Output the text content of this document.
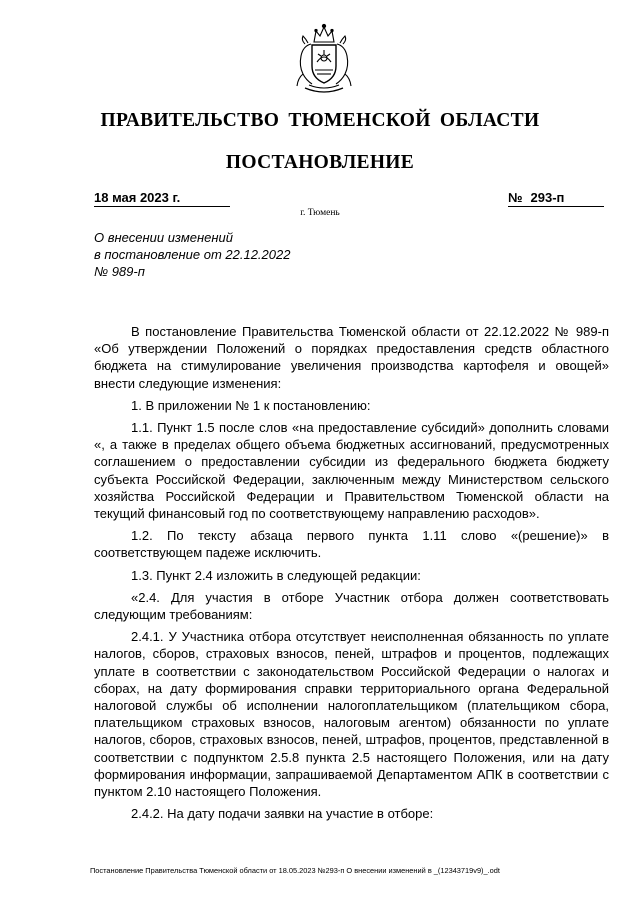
ПРАВИТЕЛЬСТВО ТЮМЕНСКОЙ ОБЛАСТИ
ПОСТАНОВЛЕНИЕ
18 мая 2023 г.	№ 293-п
г. Тюмень
О внесении изменений
в постановление от 22.12.2022
№ 989-п

В постановление Правительства Тюменской области от 22.12.2022 № 989-п «Об утверждении Положений о порядках предоставления средств областного бюджета на стимулирование увеличения производства картофеля и овощей» внести следующие изменения:

1. В приложении № 1 к постановлению:

1.1. Пункт 1.5 после слов «на предоставление субсидий» дополнить словами «, а также в пределах общего объема бюджетных ассигнований, предусмотренных соглашением о предоставлении субсидии из федерального бюджета бюджету субъекта Российской Федерации, заключенным между Министерством сельского хозяйства Российской Федерации и Правительством Тюменской области на текущий финансовый год по соответствующему направлению расходов».

1.2. По тексту абзаца первого пункта 1.11 слово «(решение)» в соответствующем падеже исключить.

1.3. Пункт 2.4 изложить в следующей редакции:

«2.4. Для участия в отборе Участник отбора должен соответствовать следующим требованиям:

2.4.1. У Участника отбора отсутствует неисполненная обязанность по уплате налогов, сборов, страховых взносов, пеней, штрафов и процентов, подлежащих уплате в соответствии с законодательством Российской Федерации о налогах и сборах, на дату формирования справки территориального органа Федеральной налоговой службы об исполнении налогоплательщиком (плательщиком сбора, плательщиком страховых взносов, налоговым агентом) обязанности по уплате налогов, сборов, страховых взносов, пеней, штрафов, процентов, представленной в соответствии с подпунктом 2.5.8 пункта 2.5 настоящего Положения, или на дату формирования информации, запрашиваемой Департаментом АПК в соответствии с пунктом 2.10 настоящего Положения.

2.4.2. На дату подачи заявки на участие в отборе:

Постановление Правительства Тюменской области от 18.05.2023 №293-п О внесении изменений в _(12343719v9)_.odt
